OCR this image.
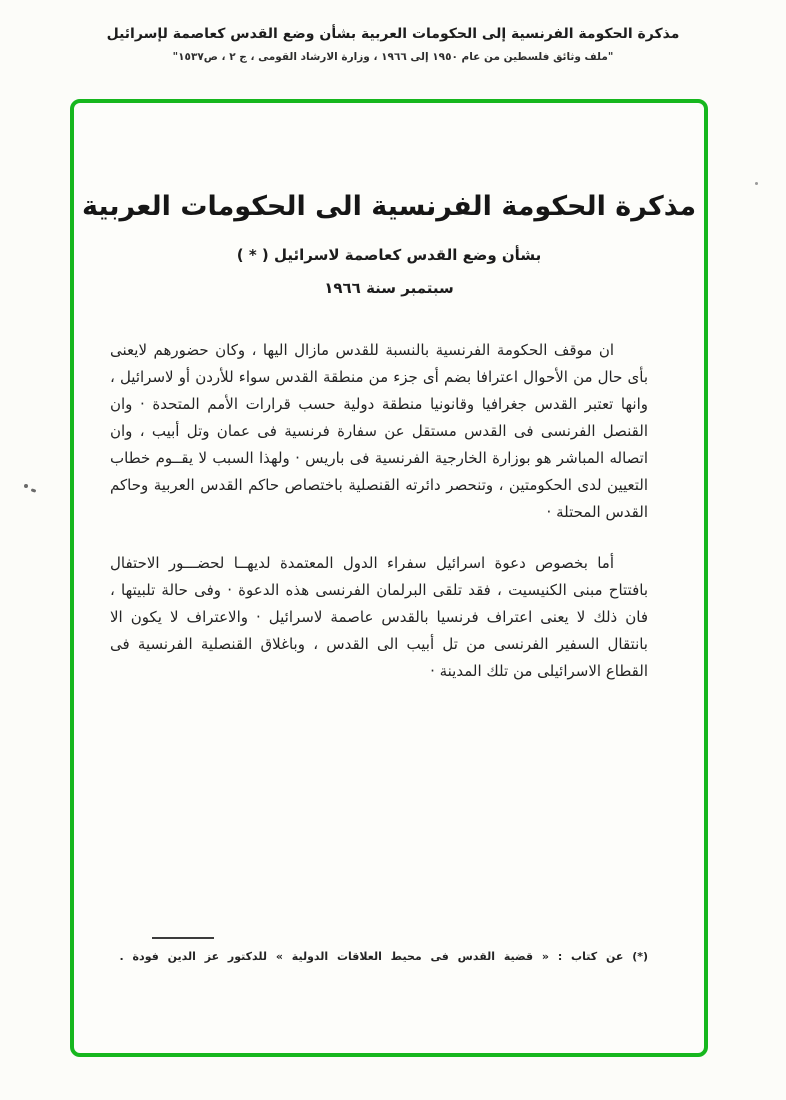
مذكرة الحكومة الفرنسية إلى الحكومات العربية بشأن وضع القدس كعاصمة لإسرائيل
"ملف وثائق فلسطين من عام ١٩٥٠ إلى ١٩٦٦ ، وزارة الارشاد القومى ، ج ٢ ، ص١٥٣٧"
مذكرة الحكومة الفرنسية الى الحكومات العربية
بشأن وضع القدس كعاصمة لاسرائيل ( * )
سبتمبر سنة ١٩٦٦

ان موقف الحكومة الفرنسية بالنسبة للقدس مازال اليها ، وكان حضورهم لايعنى بأى حال من الأحوال اعترافا بضم أى جزء من منطقة القدس سواء للأردن أو لاسرائيل ، وانها تعتبر القدس جغرافيا وقانونيا منطقة دولية حسب قرارات الأمم المتحدة · وان القنصل الفرنسى فى القدس مستقل عن سفارة فرنسية فى عمان وتل أبيب ، وان اتصاله المباشر هو بوزارة الخارجية الفرنسية فى باريس · ولهذا السبب لا يقــوم خطاب التعيين لدى الحكومتين ، وتنحصر دائرته القنصلية باختصاص حاكم القدس العربية وحاكم القدس المحتلة ·

أما بخصوص دعوة اسرائيل سفراء الدول المعتمدة لديهــا لحضـــور الاحتفال بافتتاح مبنى الكنيسيت ، فقد تلقى البرلمان الفرنسى هذه الدعوة · وفى حالة تلبيتها ، فان ذلك لا يعنى اعتراف فرنسيا بالقدس عاصمة لاسرائيل · والاعتراف لا يكون الا بانتقال السفير الفرنسى من تل أبيب الى القدس ، وباغلاق القنصلية الفرنسية فى القطاع الاسرائيلى من تلك المدينة ·

(*) عن كتاب : « قضية القدس فى محيط العلاقات الدولية » للدكتور عز الدين فودة .
